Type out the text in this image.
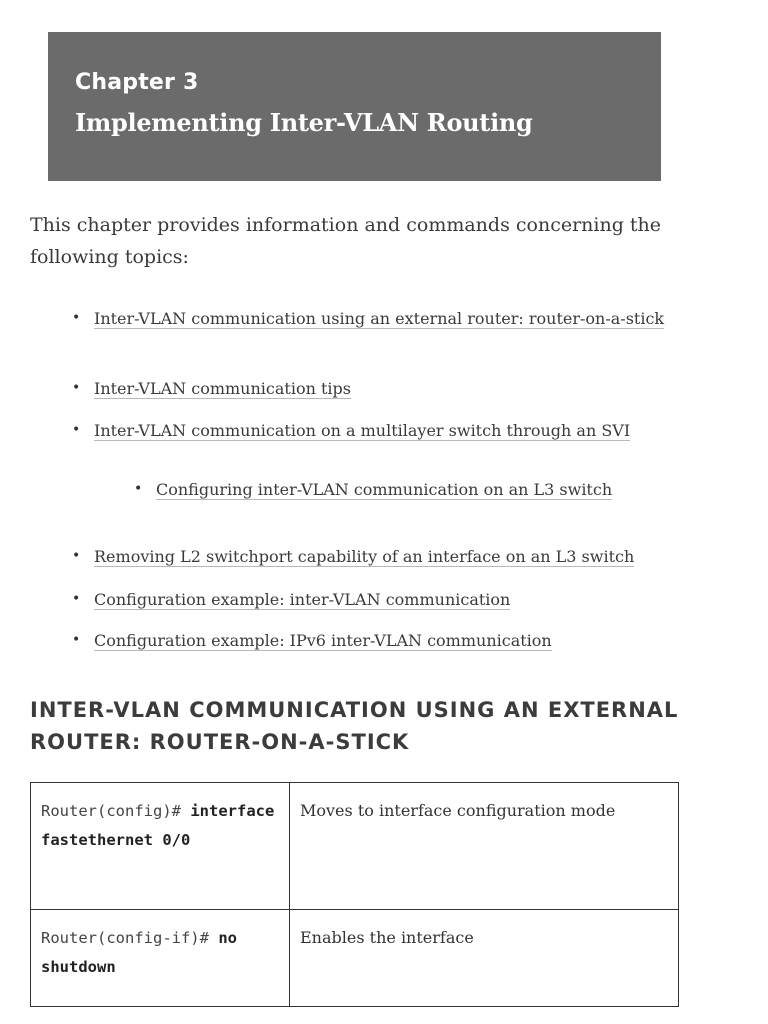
Chapter 3
Implementing Inter-VLAN Routing

This chapter provides information and commands concerning the following topics:

• Inter-VLAN communication using an external router: router-on-a-stick
• Inter-VLAN communication tips
• Inter-VLAN communication on a multilayer switch through an SVI
• Configuring inter-VLAN communication on an L3 switch
• Removing L2 switchport capability of an interface on an L3 switch
• Configuration example: inter-VLAN communication
• Configuration example: IPv6 inter-VLAN communication
INTER-VLAN COMMUNICATION USING AN EXTERNAL ROUTER: ROUTER-ON-A-STICK
Router(config)# interface fastethernet 0/0	Moves to interface configuration mode
Router(config-if)# no shutdown	Enables the interface
